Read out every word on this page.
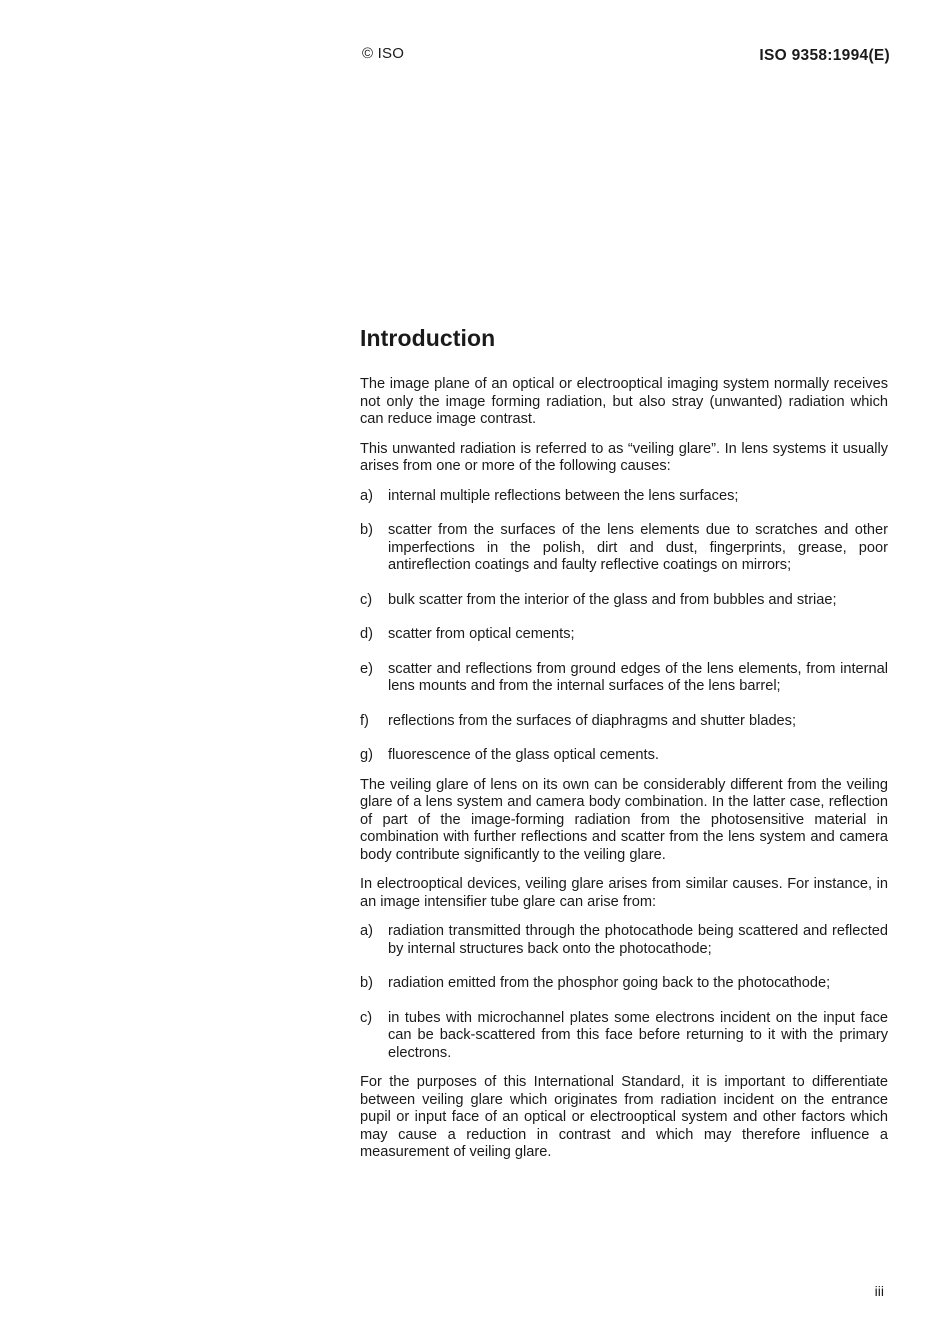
© ISO	ISO 9358:1994(E)
Introduction

The image plane of an optical or electrooptical imaging system normally receives not only the image forming radiation, but also stray (unwanted) radiation which can reduce image contrast.

This unwanted radiation is referred to as “veiling glare”. In lens systems it usually arises from one or more of the following causes:

a)	internal multiple reflections between the lens surfaces;
b)	scatter from the surfaces of the lens elements due to scratches and other imperfections in the polish, dirt and dust, fingerprints, grease, poor antireflection coatings and faulty reflective coatings on mirrors;
c)	bulk scatter from the interior of the glass and from bubbles and striae;
d)	scatter from optical cements;
e)	scatter and reflections from ground edges of the lens elements, from internal lens mounts and from the internal surfaces of the lens barrel;
f)	reflections from the surfaces of diaphragms and shutter blades;
g)	fluorescence of the glass optical cements.

The veiling glare of lens on its own can be considerably different from the veiling glare of a lens system and camera body combination. In the latter case, reflection of part of the image-forming radiation from the photosensitive material in combination with further reflections and scatter from the lens system and camera body contribute significantly to the veiling glare.

In electrooptical devices, veiling glare arises from similar causes. For instance, in an image intensifier tube glare can arise from:

a)	radiation transmitted through the photocathode being scattered and reflected by internal structures back onto the photocathode;
b)	radiation emitted from the phosphor going back to the photocathode;
c)	in tubes with microchannel plates some electrons incident on the input face can be back-scattered from this face before returning to it with the primary electrons.

For the purposes of this International Standard, it is important to differentiate between veiling glare which originates from radiation incident on the entrance pupil or input face of an optical or electrooptical system and other factors which may cause a reduction in contrast and which may therefore influence a measurement of veiling glare.

iii
